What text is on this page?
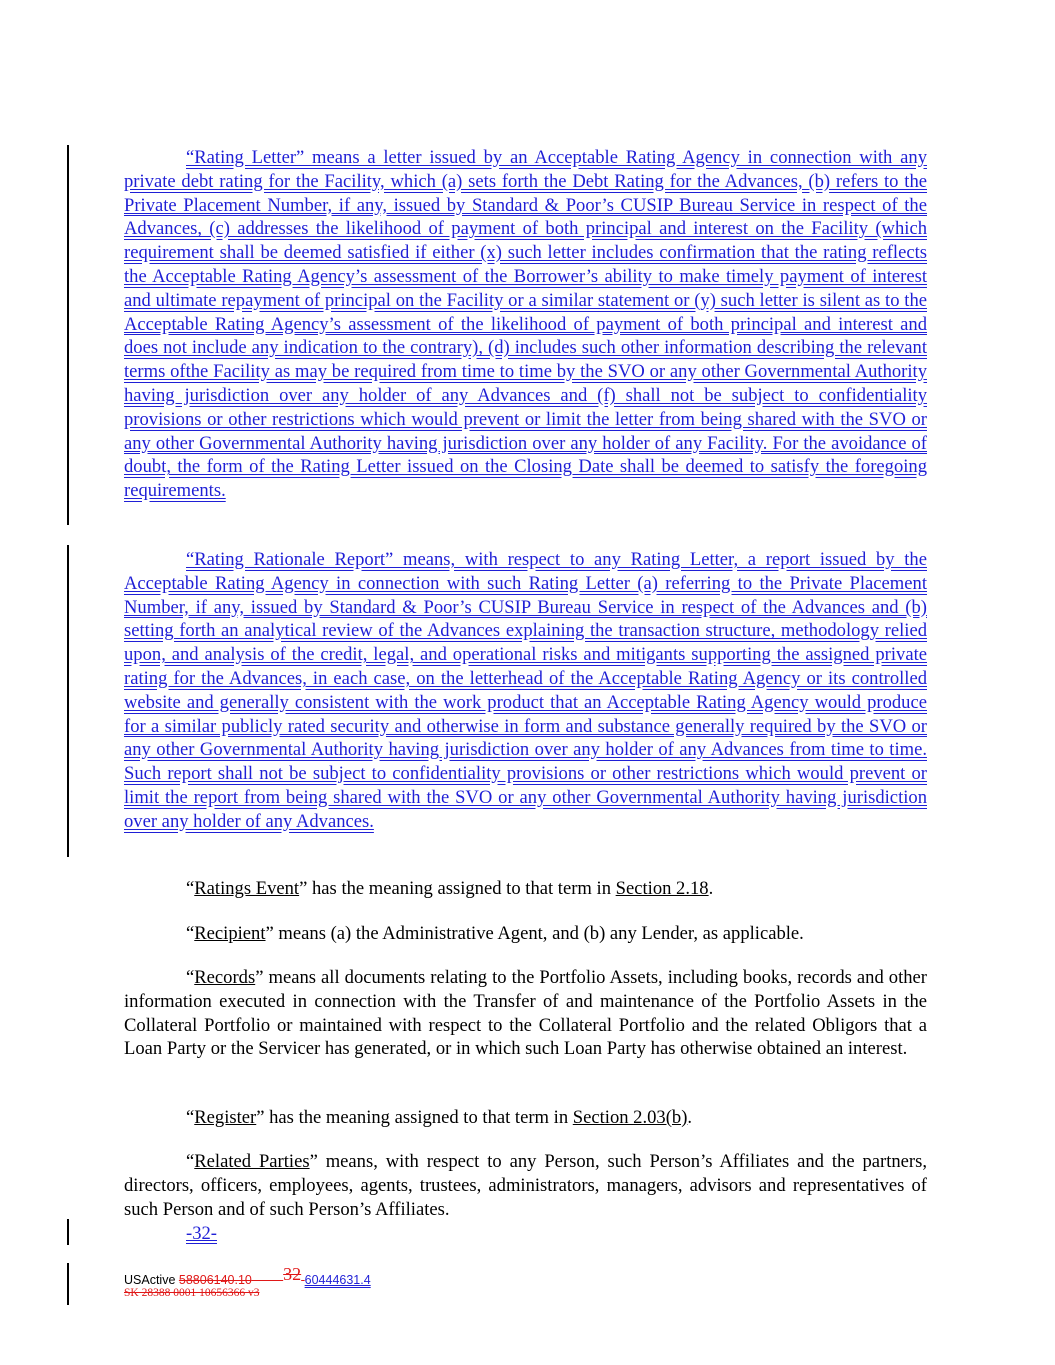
“Rating Letter” means a letter issued by an Acceptable Rating Agency in connection with any private debt rating for the Facility, which (a) sets forth the Debt Rating for the Advances, (b) refers to the Private Placement Number, if any, issued by Standard & Poor’s CUSIP Bureau Service in respect of the Advances, (c) addresses the likelihood of payment of both principal and interest on the Facility (which requirement shall be deemed satisfied if either (x) such letter includes confirmation that the rating reflects the Acceptable Rating Agency’s assessment of the Borrower’s ability to make timely payment of interest and ultimate repayment of principal on the Facility or a similar statement or (y) such letter is silent as to the Acceptable Rating Agency’s assessment of the likelihood of payment of both principal and interest and does not include any indication to the contrary), (d) includes such other information describing the relevant terms ofthe Facility as may be required from time to time by the SVO or any other Governmental Authority having jurisdiction over any holder of any Advances and (f) shall not be subject to confidentiality provisions or other restrictions which would prevent or limit the letter from being shared with the SVO or any other Governmental Authority having jurisdiction over any holder of any Facility. For the avoidance of doubt, the form of the Rating Letter issued on the Closing Date shall be deemed to satisfy the foregoing requirements.

“Rating Rationale Report” means, with respect to any Rating Letter, a report issued by the Acceptable Rating Agency in connection with such Rating Letter (a) referring to the Private Placement Number, if any, issued by Standard & Poor’s CUSIP Bureau Service in respect of the Advances and (b) setting forth an analytical review of the Advances explaining the transaction structure, methodology relied upon, and analysis of the credit, legal, and operational risks and mitigants supporting the assigned private rating for the Advances, in each case, on the letterhead of the Acceptable Rating Agency or its controlled website and generally consistent with the work product that an Acceptable Rating Agency would produce for a similar publicly rated security and otherwise in form and substance generally required by the SVO or any other Governmental Authority having jurisdiction over any holder of any Advances from time to time. Such report shall not be subject to confidentiality provisions or other restrictions which would prevent or limit the report from being shared with the SVO or any other Governmental Authority having jurisdiction over any holder of any Advances.

“Ratings Event” has the meaning assigned to that term in Section 2.18.

“Recipient” means (a) the Administrative Agent, and (b) any Lender, as applicable.

“Records” means all documents relating to the Portfolio Assets, including books, records and other information executed in connection with the Transfer of and maintenance of the Portfolio Assets in the Collateral Portfolio or maintained with respect to the Collateral Portfolio and the related Obligors that a Loan Party or the Servicer has generated, or in which such Loan Party has otherwise obtained an interest.

“Register” has the meaning assigned to that term in Section 2.03(b).

“Related Parties” means, with respect to any Person, such Person’s Affiliates and the partners, directors, officers, employees, agents, trustees, administrators, managers, advisors and representatives of such Person and of such Person’s Affiliates.

-32-
USActive 58806140.10 32 60444631.4
SK 28388 0001 10656366 v3
